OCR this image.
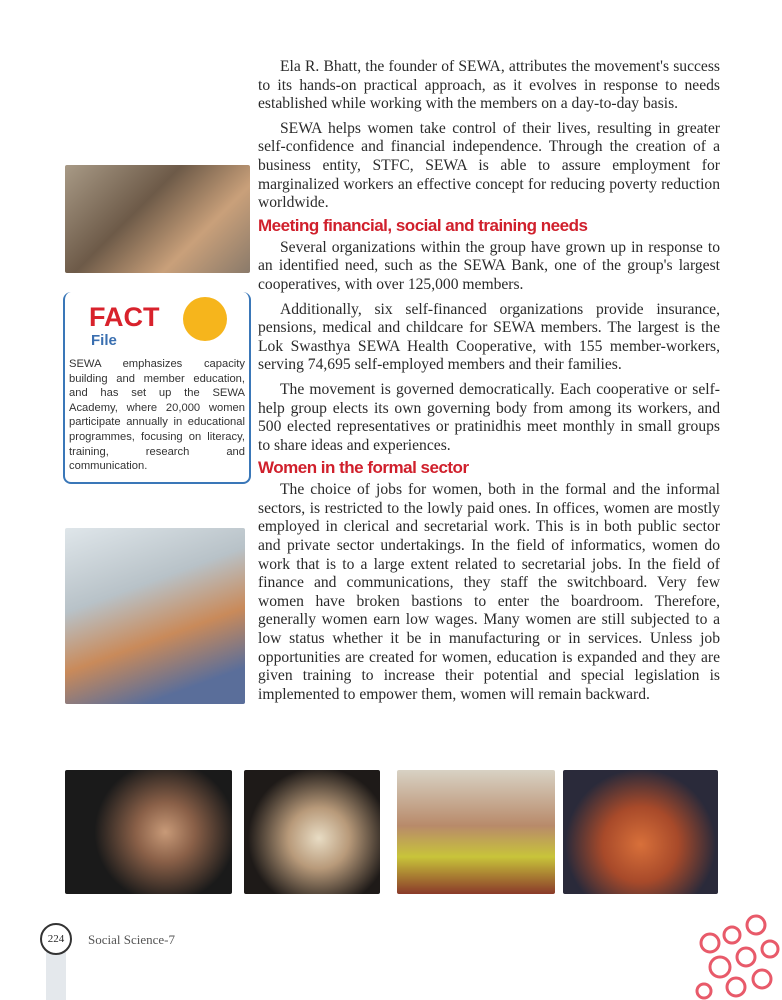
Ela R. Bhatt, the founder of SEWA, attributes the movement's success to its hands-on practical approach, as it evolves in response to needs established while working with the members on a day-to-day basis.

SEWA helps women take control of their lives, resulting in greater self-confidence and financial independence. Through the creation of a business entity, STFC, SEWA is able to assure employment for marginalized workers an effective concept for reducing poverty reduction worldwide.

Meeting financial, social and training needs

Several organizations within the group have grown up in response to an identified need, such as the SEWA Bank, one of the group's largest cooperatives, with over 125,000 members.

Additionally, six self-financed organizations provide insurance, pensions, medical and childcare for SEWA members. The largest is the Lok Swasthya SEWA Health Cooperative, with 155 member-workers, serving 74,695 self-employed members and their families.

The movement is governed democratically. Each cooperative or self-help group elects its own governing body from among its workers, and 500 elected representatives or pratinidhis meet monthly in small groups to share ideas and experiences.

Women in the formal sector

The choice of jobs for women, both in the formal and the informal sectors, is restricted to the lowly paid ones. In offices, women are mostly employed in clerical and secretarial work. This is in both public sector and private sector undertakings. In the field of informatics, women do work that is to a large extent related to secretarial jobs. In the field of finance and communications, they staff the switchboard. Very few women have broken bastions to enter the boardroom. Therefore, generally women earn low wages. Many women are still subjected to a low status whether it be in manufacturing or in services. Unless job opportunities are created for women, education is expanded and they are given training to increase their potential and special legislation is implemented to empower them, women will remain backward.

FACT
File
SEWA emphasizes capacity building and member education, and has set up the SEWA Academy, where 20,000 women participate annually in educational programmes, focusing on literacy, training, research and communication.
224	Social Science-7
